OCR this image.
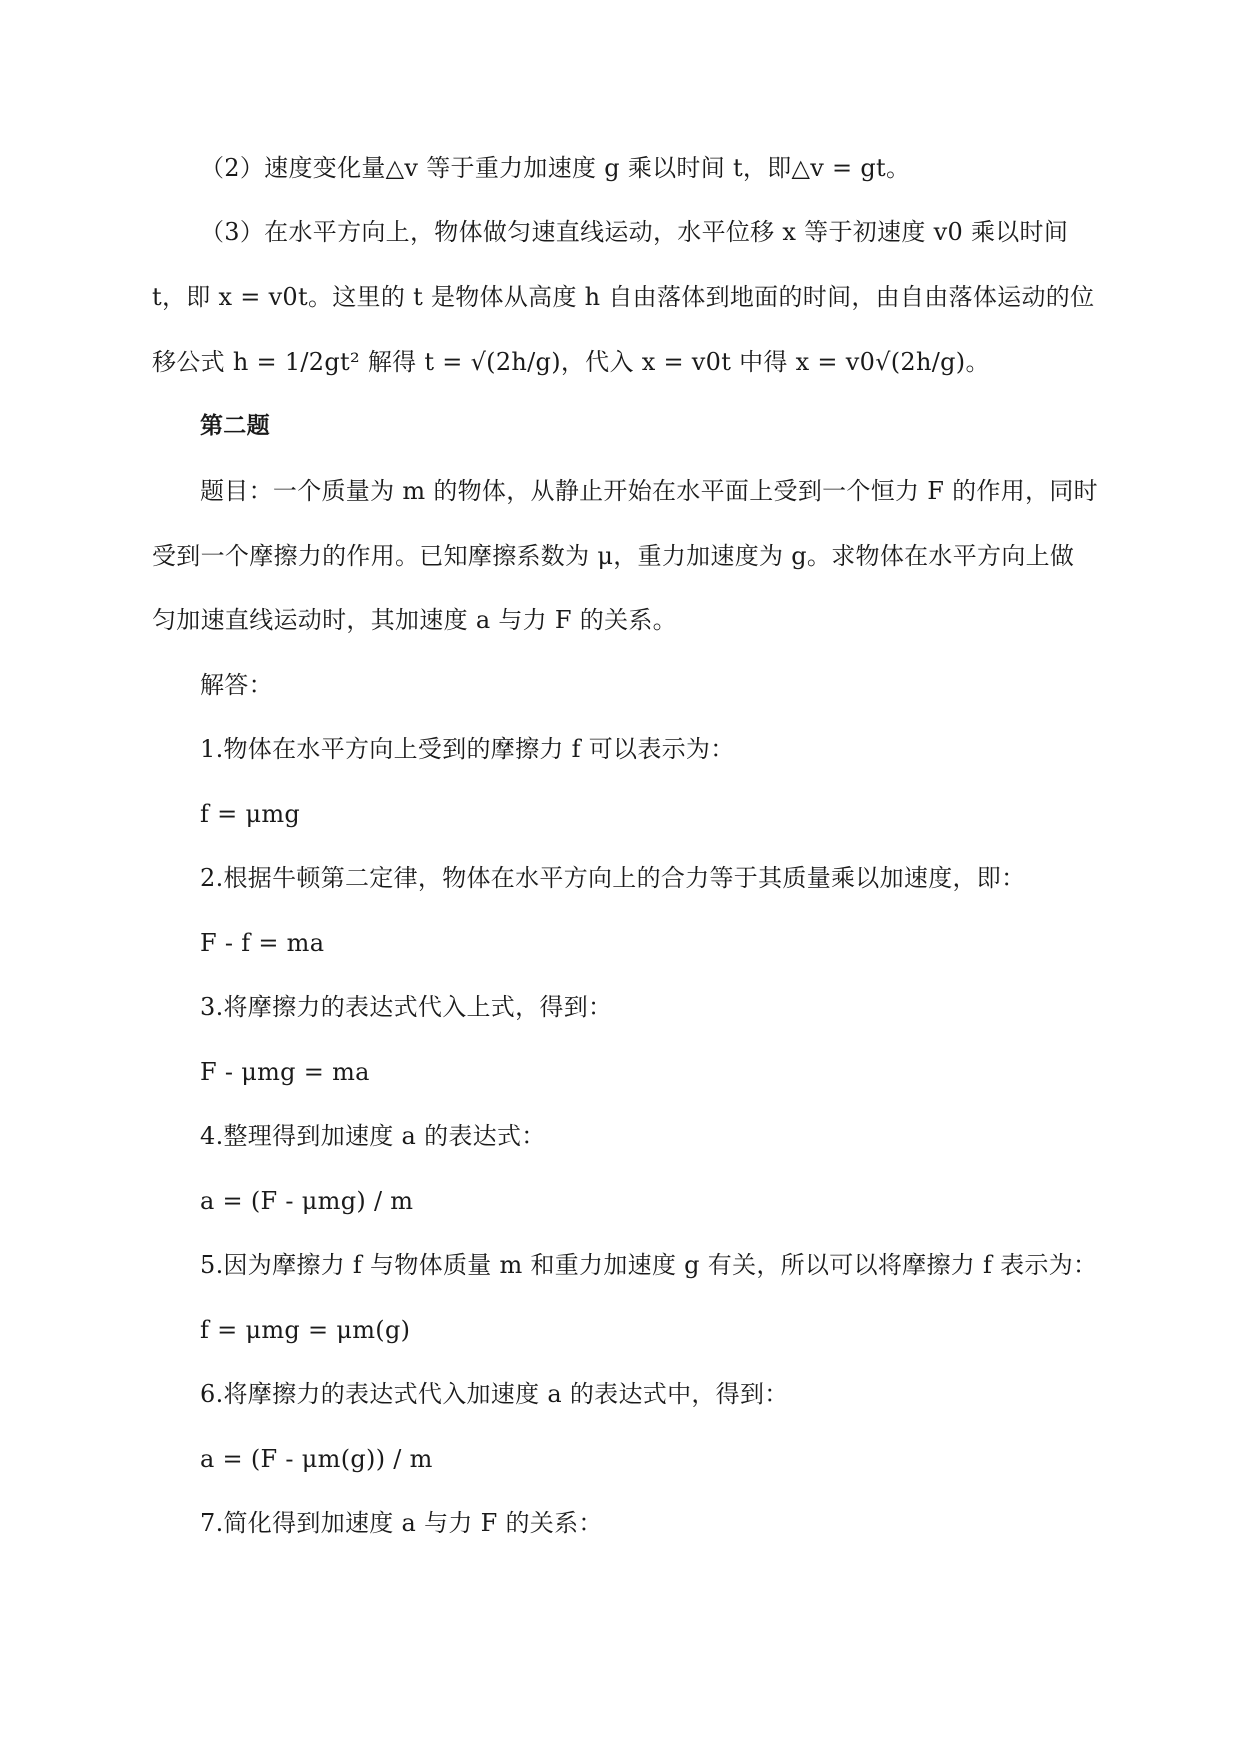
（2）速度变化量△v 等于重力加速度 g 乘以时间 t，即△v = gt。
（3）在水平方向上，物体做匀速直线运动，水平位移 x 等于初速度 v0 乘以时间
t，即 x = v0t。这里的 t 是物体从高度 h 自由落体到地面的时间，由自由落体运动的位
移公式 h = 1/2gt² 解得 t = √(2h/g)，代入 x = v0t 中得 x = v0√(2h/g)。
第二题
题目：一个质量为 m 的物体，从静止开始在水平面上受到一个恒力 F 的作用，同时
受到一个摩擦力的作用。已知摩擦系数为 μ，重力加速度为 g。求物体在水平方向上做
匀加速直线运动时，其加速度 a 与力 F 的关系。
解答：
1.物体在水平方向上受到的摩擦力 f 可以表示为：
f = μmg
2.根据牛顿第二定律，物体在水平方向上的合力等于其质量乘以加速度，即：
F - f = ma
3.将摩擦力的表达式代入上式，得到：
F - μmg = ma
4.整理得到加速度 a 的表达式：
a = (F - μmg) / m
5.因为摩擦力 f 与物体质量 m 和重力加速度 g 有关，所以可以将摩擦力 f 表示为：
f = μmg = μm(g)
6.将摩擦力的表达式代入加速度 a 的表达式中，得到：
a = (F - μm(g)) / m
7.简化得到加速度 a 与力 F 的关系：
